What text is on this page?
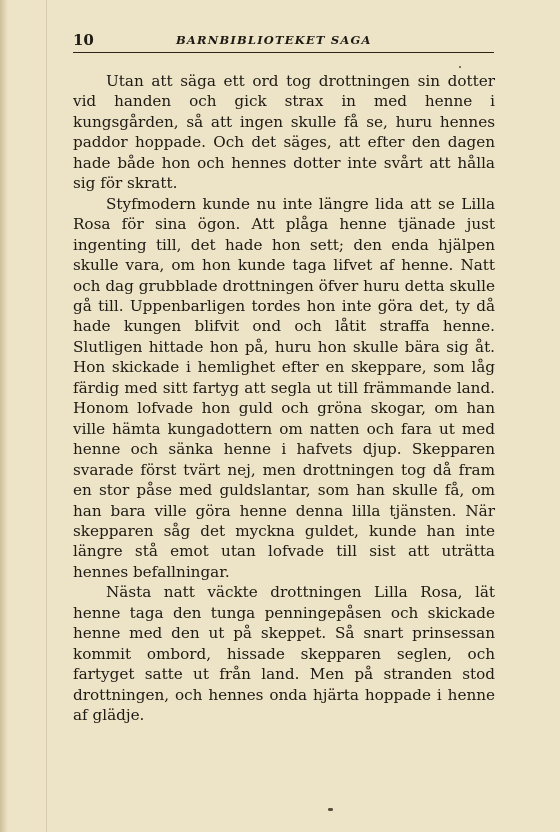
10	BARNBIBLIOTEKET SAGA

Utan att säga ett ord tog drottningen sin dotter vid handen och gick strax in med henne i kungsgården, så att ingen skulle få se, huru hennes paddor hoppade. Och det säges, att efter den dagen hade både hon och hennes dotter inte svårt att hålla sig för skratt.

Styfmodern kunde nu inte längre lida att se Lilla Rosa för sina ögon. Att plåga henne tjänade just ingenting till, det hade hon sett; den enda hjälpen skulle vara, om hon kunde taga lifvet af henne. Natt och dag grubblade drottningen öfver huru detta skulle gå till. Uppenbarligen tordes hon inte göra det, ty då hade kungen blifvit ond och låtit straffa henne. Slutligen hittade hon på, huru hon skulle bära sig åt. Hon skickade i hemlighet efter en skeppare, som låg färdig med sitt fartyg att segla ut till främmande land. Honom lofvade hon guld och gröna skogar, om han ville hämta kungadottern om natten och fara ut med henne och sänka henne i hafvets djup. Skepparen svarade först tvärt nej, men drottningen tog då fram en stor påse med guldslantar, som han skulle få, om han bara ville göra henne denna lilla tjänsten. När skepparen såg det myckna guldet, kunde han inte längre stå emot utan lofvade till sist att uträtta hennes befallningar.

Nästa natt väckte drottningen Lilla Rosa, lät henne taga den tunga penningepåsen och skickade henne med den ut på skeppet. Så snart prinsessan kommit ombord, hissade skepparen seglen, och fartyget satte ut från land. Men på stranden stod drottningen, och hennes onda hjärta hoppade i henne af glädje.
